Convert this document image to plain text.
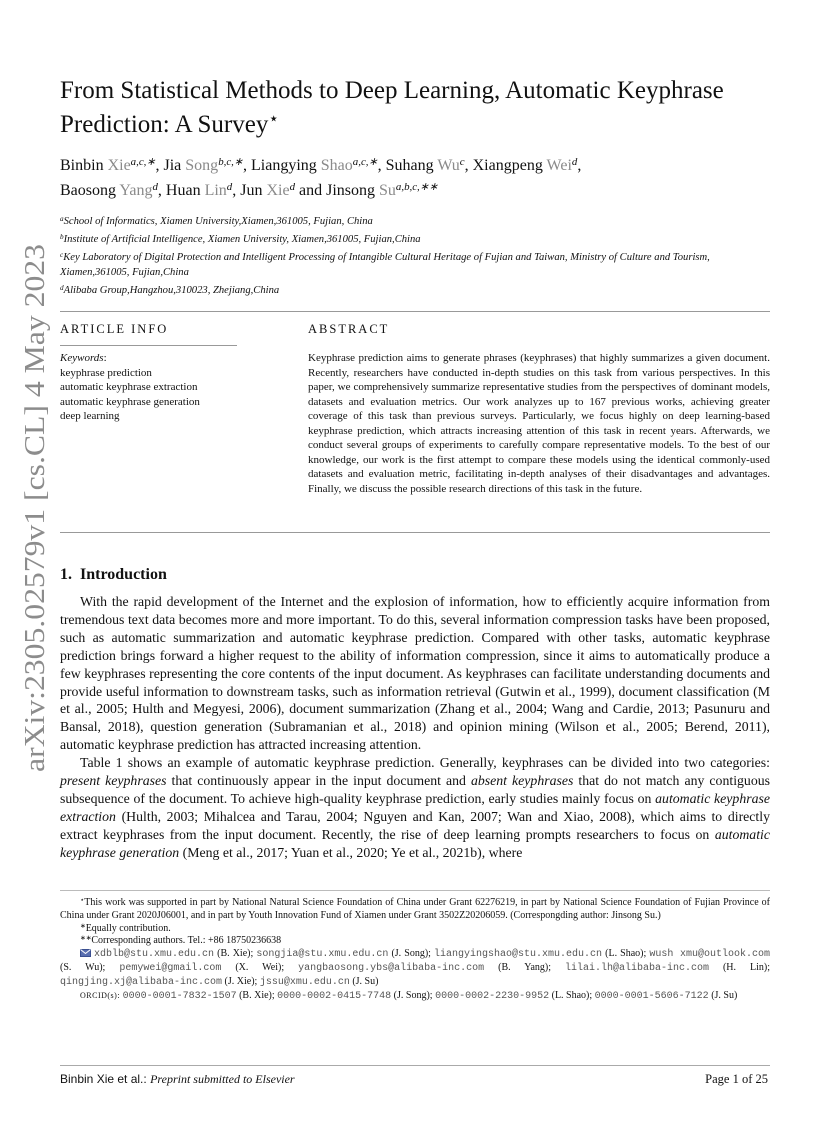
arXiv:2305.02579v1 [cs.CL] 4 May 2023
From Statistical Methods to Deep Learning, Automatic Keyphrase Prediction: A Survey⋆
Binbin Xie$^{a,c,∗}$, Jia Song$^{b,c,∗}$, Liangying Shao$^{a,c,∗}$, Suhang Wu$^c$, Xiangpeng Wei$^d$,
Baosong Yang$^d$, Huan Lin$^d$, Jun Xie$^d$ and Jinsong $Su^{a,b,c,∗∗}$
$^a$School of Informatics, Xiamen University,Xiamen,361005, Fujian, China
$^b$Institute of Artificial Intelligence, Xiamen University, Xiamen,361005, Fujian,China
$^c$Key Laboratory of Digital Protection and Intelligent Processing of Intangible Cultural Heritage of Fujian and Taiwan, Ministry of Culture and Tourism, Xiamen,361005, Fujian,China
$^d$Alibaba Group,Hangzhou,310023, Zhejiang,China
ARTICLE INFO
Keywords:
keyphrase prediction
automatic keyphrase extraction
automatic keyphrase generation
deep learning
ABSTRACT
Keyphrase prediction aims to generate phrases (keyphrases) that highly summarizes a given document. Recently, researchers have conducted in-depth studies on this task from various perspectives. In this paper, we comprehensively summarize representative studies from the perspectives of dominant models, datasets and evaluation metrics. Our work analyzes up to 167 previous works, achieving greater coverage of this task than previous surveys. Particularly, we focus highly on deep learning-based keyphrase prediction, which attracts increasing attention of this task in recent years. Afterwards, we conduct several groups of experiments to carefully compare representative models. To the best of our knowledge, our work is the first attempt to compare these models using the identical commonly-used datasets and evaluation metric, facilitating in-depth analyses of their disadvantages and advantages. Finally, we discuss the possible research directions of this task in the future.
1. Introduction

With the rapid development of the Internet and the explosion of information, how to efficiently acquire information from tremendous text data becomes more and more important. To do this, several information compression tasks have been proposed, such as automatic summarization and automatic keyphrase prediction. Compared with other tasks, automatic keyphrase prediction brings forward a higher request to the ability of information compression, since it aims to automatically produce a few keyphrases representing the core contents of the input document. As keyphrases can facilitate understanding documents and provide useful information to downstream tasks, such as information retrieval (Gutwin et al., 1999), document classification (M et al., 2005; Hulth and Megyesi, 2006), document summarization (Zhang et al., 2004; Wang and Cardie, 2013; Pasunuru and Bansal, 2018), question generation (Subramanian et al., 2018) and opinion mining (Wilson et al., 2005; Berend, 2011), automatic keyphrase prediction has attracted increasing attention.

Table 1 shows an example of automatic keyphrase prediction. Generally, keyphrases can be divided into two categories: present keyphrases that continuously appear in the input document and absent keyphrases that do not match any contiguous subsequence of the document. To achieve high-quality keyphrase prediction, early studies mainly focus on automatic keyphrase extraction (Hulth, 2003; Mihalcea and Tarau, 2004; Nguyen and Kan, 2007; Wan and Xiao, 2008), which aims to directly extract keyphrases from the input document. Recently, the rise of deep learning prompts researchers to focus on automatic keyphrase generation (Meng et al., 2017; Yuan et al., 2020; Ye et al., 2021b), where

⋆This work was supported in part by National Natural Science Foundation of China under Grant 62276219, in part by National Science Foundation of Fujian Province of China under Grant 2020J06001, and in part by Youth Innovation Fund of Xiamen under Grant 3502Z20206059. (Correspongding author: Jinsong Su.)
∗Equally contribution.
∗∗Corresponding authors. Tel.: +86 18750236638
xdblb@stu.xmu.edu.cn (B. Xie); songjia@stu.xmu.edu.cn (J. Song); liangyingshao@stu.xmu.edu.cn (L. Shao); wush xmu@outlook.com (S. Wu); pemywei@gmail.com (X. Wei); yangbaosong.ybs@alibaba-inc.com (B. Yang); lilai.lh@alibaba-inc.com (H. Lin); qingjing.xj@alibaba-inc.com (J. Xie); jssu@xmu.edu.cn (J. Su)
ORCID(s): 0000-0001-7832-1507 (B. Xie); 0000-0002-0415-7748 (J. Song); 0000-0002-2230-9952 (L. Shao); 0000-0001-5606-7122 (J. Su)
Binbin Xie et al.: Preprint submitted to Elsevier	Page 1 of 25
